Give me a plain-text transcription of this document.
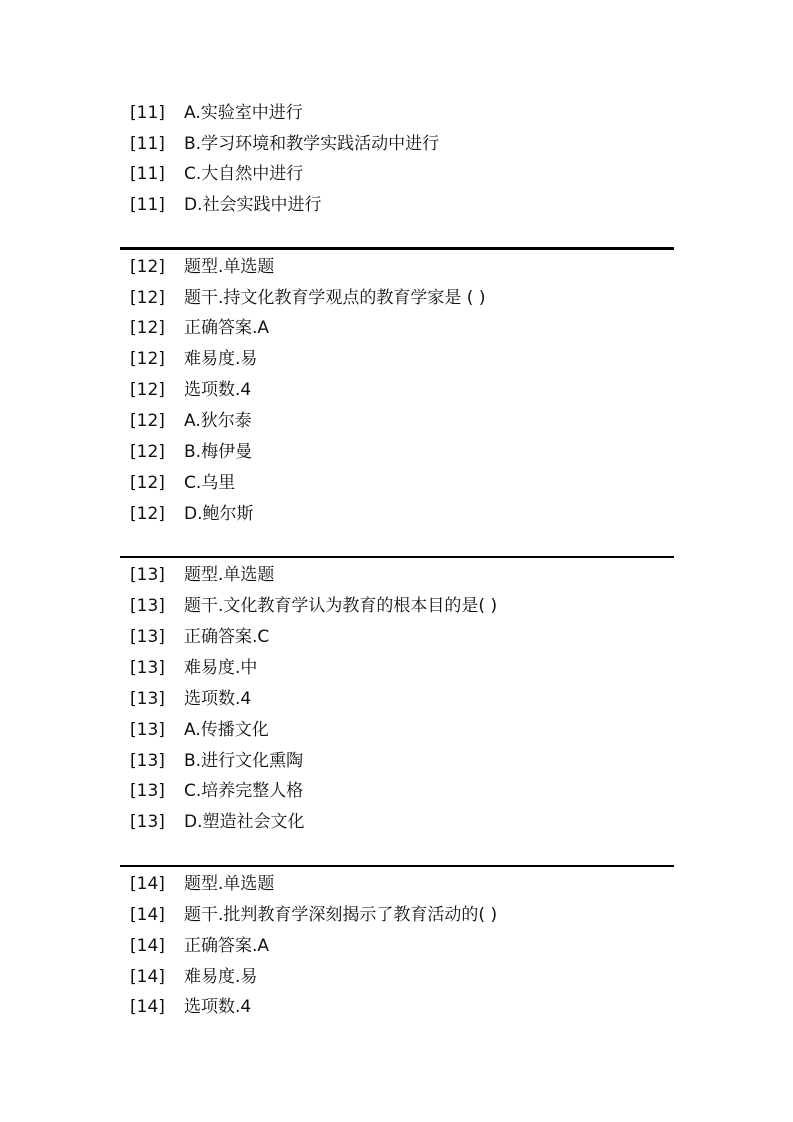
[11] A.实验室中进行
[11] B.学习环境和教学实践活动中进行
[11] C.大自然中进行
[11] D.社会实践中进行
[12] 题型.单选题
[12] 题干.持文化教育学观点的教育学家是 ( )
[12] 正确答案.A
[12] 难易度.易
[12] 选项数.4
[12] A.狄尔泰
[12] B.梅伊曼
[12] C.乌里
[12] D.鲍尔斯
[13] 题型.单选题
[13] 题干.文化教育学认为教育的根本目的是( )
[13] 正确答案.C
[13] 难易度.中
[13] 选项数.4
[13] A.传播文化
[13] B.进行文化熏陶
[13] C.培养完整人格
[13] D.塑造社会文化
[14] 题型.单选题
[14] 题干.批判教育学深刻揭示了教育活动的( )
[14] 正确答案.A
[14] 难易度.易
[14] 选项数.4
